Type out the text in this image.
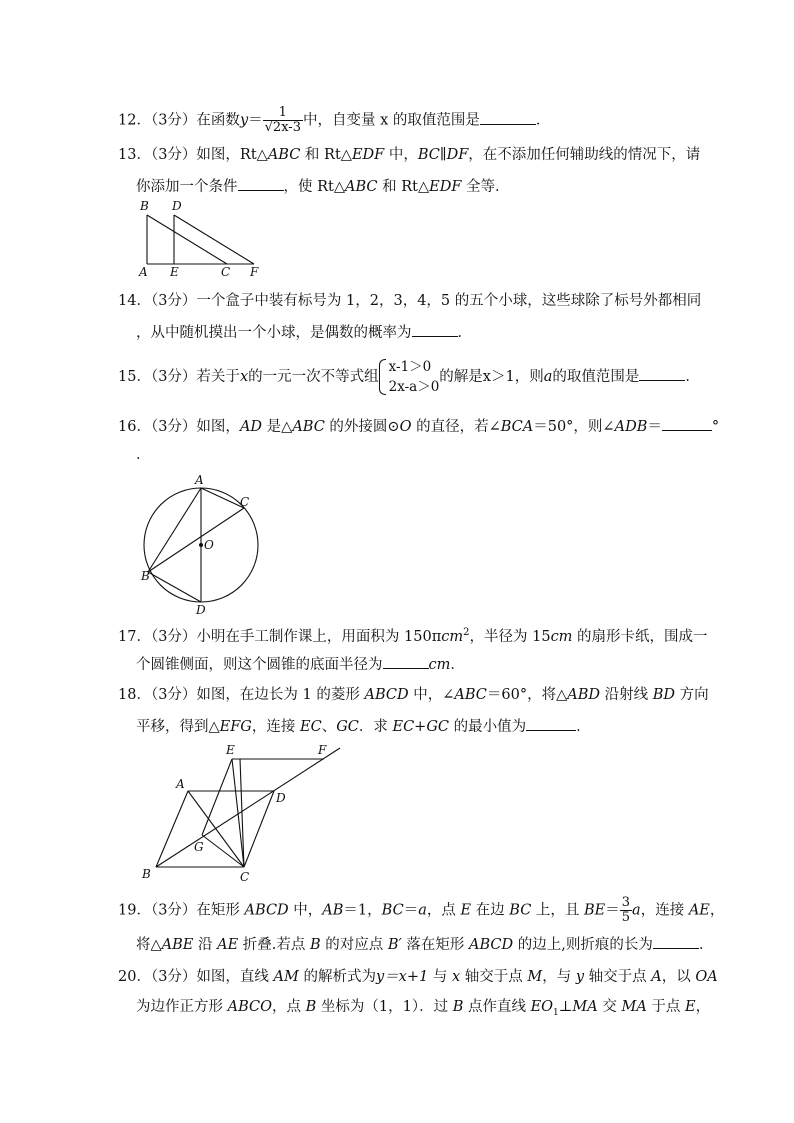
12．（3分）在函数$y= \frac{1}{√2x-3}$ 中，自变量 x 的取值范围是	．
13．（3分）如图，Rt△ABC 和 Rt△EDF 中，BC∥DF，在不添加任何辅助线的情况下，请
你添加一个条件	，使 Rt△ABC 和 Rt△EDF 全等．
B D
A E	C F
14．（3分）一个盒子中装有标号为 1，2，3，4，5 的五个小球，这些球除了标号外都相同
，从中随机摸出一个小球，是偶数的概率为	．
15．（3分）若关于x的一元一次不等式组
x-1＞0
2x-a＞0
的解是x＞1，则a的取值范围是	．
16．（3分）如图，AD 是△ABC 的外接圆⊙O 的直径，若∠BCA＝50°，则∠ADB＝	°
．
A
C
O
B
D
17．（3分）小明在手工制作课上，用面积为 150πcm$^2$，半径为 15cm 的扇形卡纸，围成一
个圆锥侧面，则这个圆锥的底面半径为	cm．
18．（3分）如图，在边长为 1 的菱形 ABCD 中，∠ABC＝60°，将△ABD 沿射线 BD 方向
平移，得到△EFG，连接 EC、GC．求 EC+GC 的最小值为	．
E	F
A
D
G
B	C
19．（3分）在矩形 ABCD 中，AB＝1，BC＝a，点 E 在边 BC 上，且 $BE= \frac{3}{5}$ a，连接 AE，
将△ABE 沿 AE 折叠.若点 B 的对应点 B′ 落在矩形 ABCD 的边上,则折痕的长为	．
20．（3分）如图，直线 AM 的解析式为y＝x+1 与 x 轴交于点 M，与 y 轴交于点 A，以 OA
为边作正方形 ABCO，点 B 坐标为（1，1）．过 B 点作直线 $EO_1\perp MA$ 交 MA 于点 E，
